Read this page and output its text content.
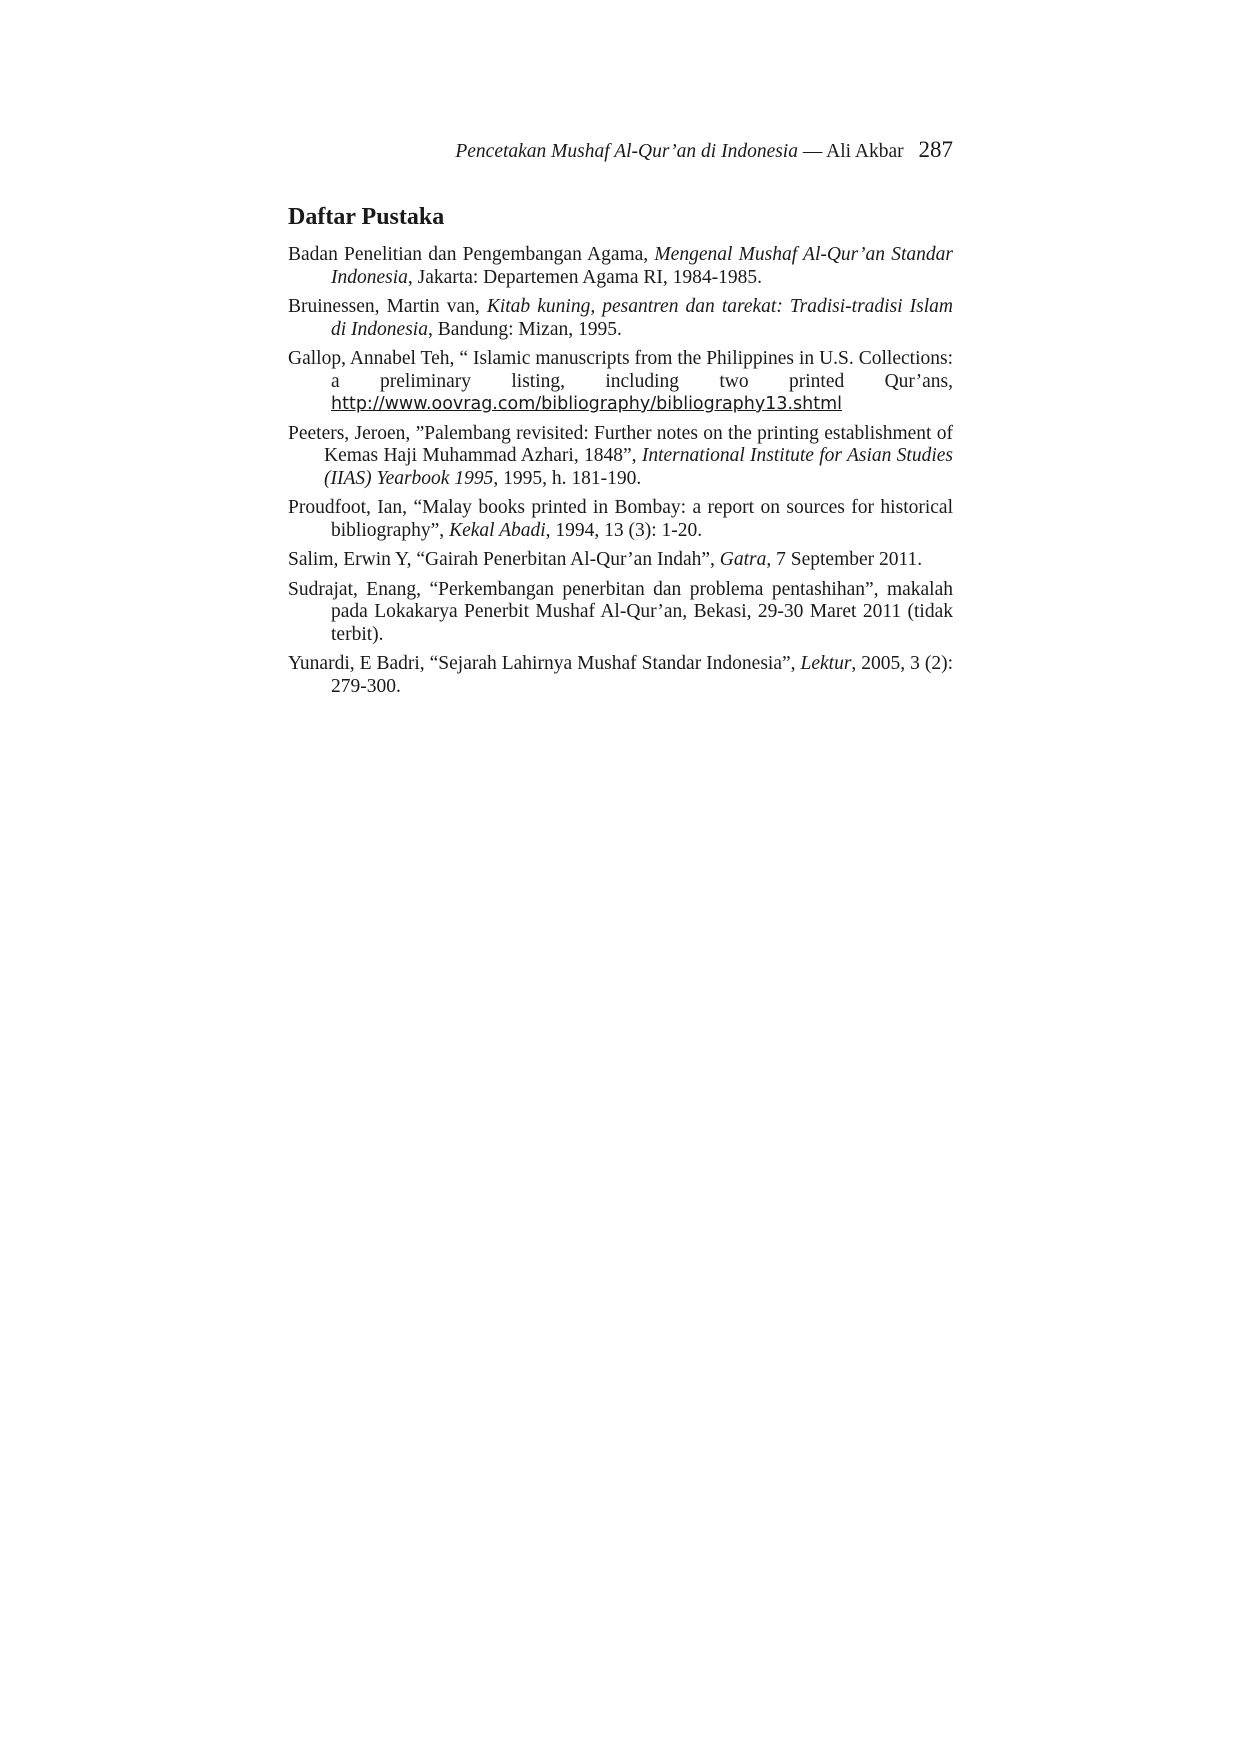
Pencetakan Mushaf Al-Qur’an di Indonesia — Ali Akbar 287
Daftar Pustaka
Badan Penelitian dan Pengembangan Agama, Mengenal Mushaf Al-Qur’an Standar Indonesia, Jakarta: Departemen Agama RI, 1984-1985.
Bruinessen, Martin van, Kitab kuning, pesantren dan tarekat: Tradisi-tradisi Islam di Indonesia, Bandung: Mizan, 1995.
Gallop, Annabel Teh, “ Islamic manuscripts from the Philippines in U.S. Collections: a preliminary listing, including two printed Qur’ans, http://www.oovrag.com/bibliography/bibliography13.shtml
Peeters, Jeroen, ”Palembang revisited: Further notes on the printing establishment of Kemas Haji Muhammad Azhari, 1848”, International Institute for Asian Studies (IIAS) Yearbook 1995, 1995, h. 181-190.
Proudfoot, Ian, “Malay books printed in Bombay: a report on sources for historical bibliography”, Kekal Abadi, 1994, 13 (3): 1-20.
Salim, Erwin Y, “Gairah Penerbitan Al-Qur’an Indah”, Gatra, 7 September 2011.
Sudrajat, Enang, “Perkembangan penerbitan dan problema pentashihan”, makalah pada Lokakarya Penerbit Mushaf Al-Qur’an, Bekasi, 29-30 Maret 2011 (tidak terbit).
Yunardi, E Badri, “Sejarah Lahirnya Mushaf Standar Indonesia”, Lektur, 2005, 3 (2): 279-300.
